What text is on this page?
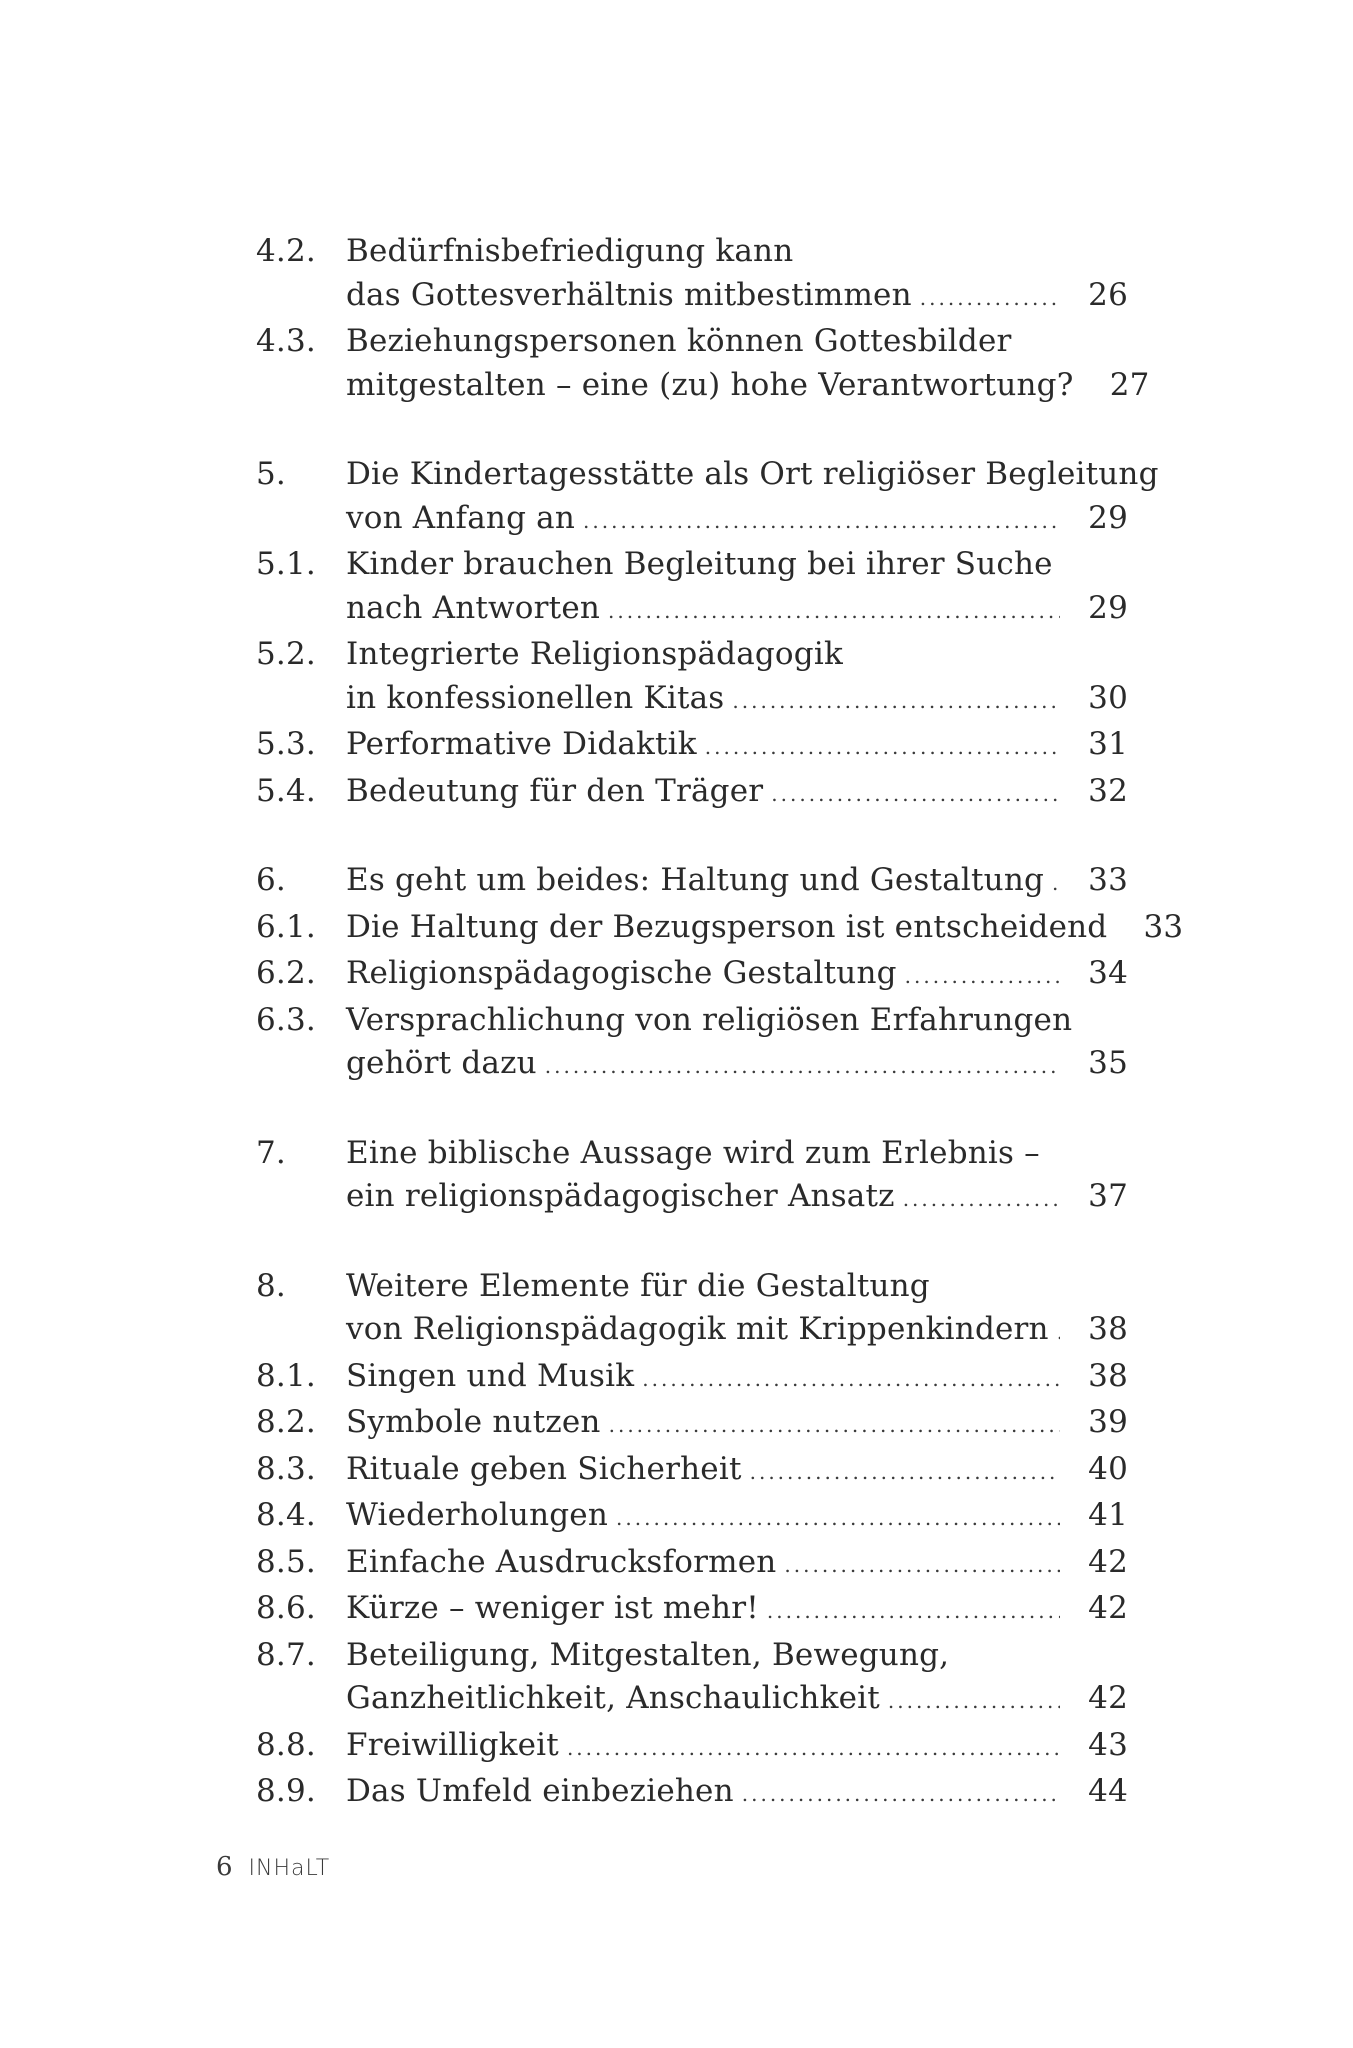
4.2. Bedürfnisbefriedigung kann
das Gottesverhältnis mitbestimmen .....	26
4.3. Beziehungspersonen können Gottesbilder
mitgestalten – eine (zu) hohe Verantwortung? 27
5.	Die Kindertagesstätte als Ort religiöser Begleitung
von Anfang an .....	29
5.1. Kinder brauchen Begleitung bei ihrer Suche
nach Antworten .....	29
5.2. Integrierte Religionspädagogik
in konfessionellen Kitas .....	30
5.3. Performative Didaktik .....	31
5.4. Bedeutung für den Träger .....	32
6.	Es geht um beides: Haltung und Gestaltung ..... 33
6.1. Die Haltung der Bezugsperson ist entscheidend 33
6.2. Religionspädagogische Gestaltung .....	34
6.3. Versprachlichung von religiösen Erfahrungen
gehört dazu .....	35
7.	Eine biblische Aussage wird zum Erlebnis –
ein religionspädagogischer Ansatz .....	37
8.	Weitere Elemente für die Gestaltung
von Religionspädagogik mit Krippenkindern ..... 38
8.1. Singen und Musik .....	38
8.2. Symbole nutzen .....	39
8.3. Rituale geben Sicherheit .....	40
8.4. Wiederholungen .....	41
8.5. Einfache Ausdrucksformen .....	42
8.6. Kürze – weniger ist mehr! .....	42
8.7. Beteiligung, Mitgestalten, Bewegung,
Ganzheitlichkeit, Anschaulichkeit .....	42
8.8. Freiwilligkeit .....	43
8.9. Das Umfeld einbeziehen .....	44
6 INHaLT
